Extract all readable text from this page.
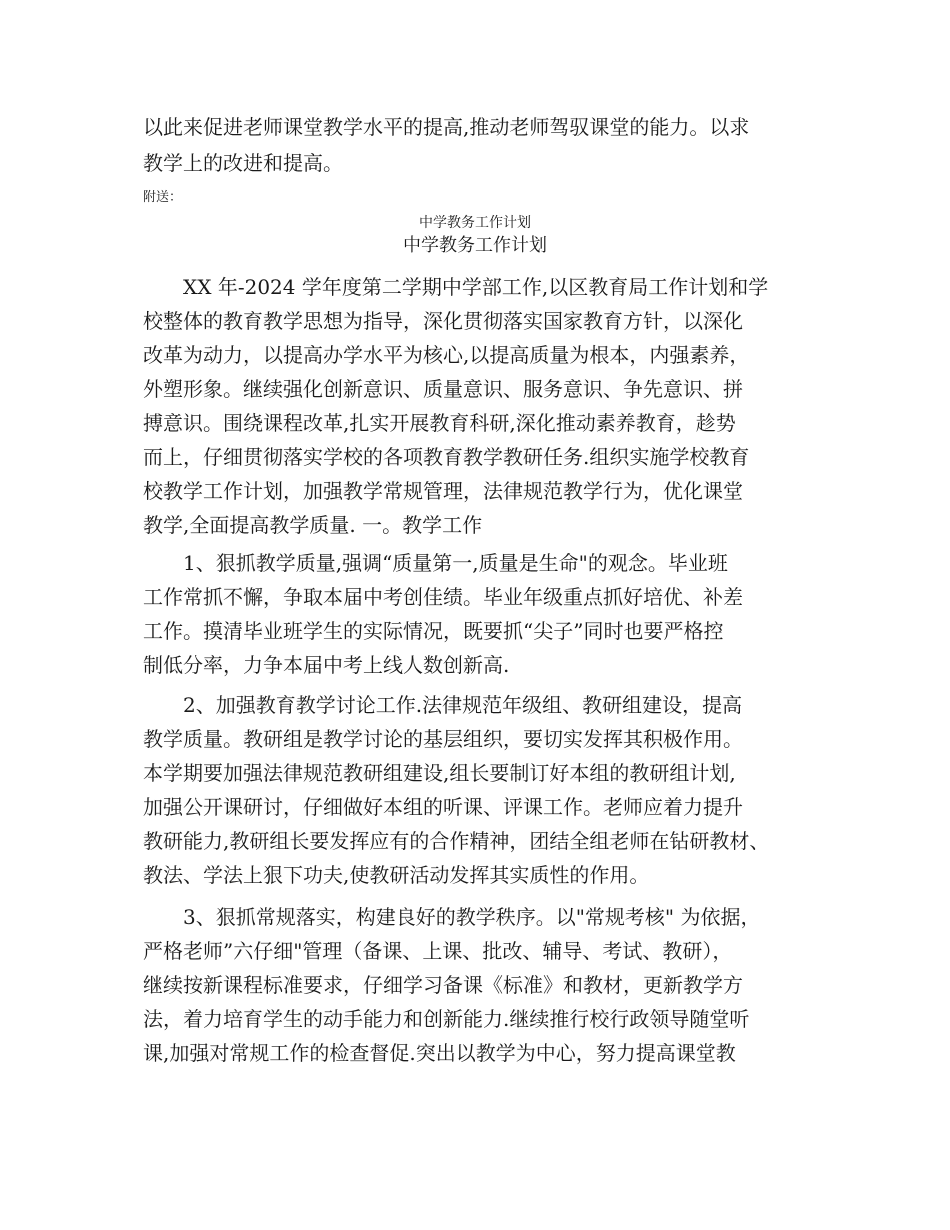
以此来促进老师课堂教学水平的提高,推动老师驾驭课堂的能力。以求
教学上的改进和提高。
附送：
中学教务工作计划
中学教务工作计划
XX 年-2024 学年度第二学期中学部工作,以区教育局工作计划和学
校整体的教育教学思想为指导，深化贯彻落实国家教育方针，以深化
改革为动力，以提高办学水平为核心,以提高质量为根本，内强素养，
外塑形象。继续强化创新意识、质量意识、服务意识、争先意识、拼
搏意识。围绕课程改革,扎实开展教育科研,深化推动素养教育，趁势
而上，仔细贯彻落实学校的各项教育教学教研任务.组织实施学校教育
校教学工作计划，加强教学常规管理，法律规范教学行为，优化课堂
教学,全面提高教学质量. 一。教学工作
1、狠抓教学质量,强调“质量第一,质量是生命"的观念。毕业班
工作常抓不懈，争取本届中考创佳绩。毕业年级重点抓好培优、补差
工作。摸清毕业班学生的实际情况，既要抓“尖子”同时也要严格控
制低分率，力争本届中考上线人数创新高.
2、加强教育教学讨论工作.法律规范年级组、教研组建设，提高
教学质量。教研组是教学讨论的基层组织，要切实发挥其积极作用。
本学期要加强法律规范教研组建设,组长要制订好本组的教研组计划,
加强公开课研讨，仔细做好本组的听课、评课工作。老师应着力提升
教研能力,教研组长要发挥应有的合作精神，团结全组老师在钻研教材、
教法、学法上狠下功夫,使教研活动发挥其实质性的作用。
3、狠抓常规落实，构建良好的教学秩序。以"常规考核" 为依据，
严格老师”六仔细"管理（备课、上课、批改、辅导、考试、教研），
继续按新课程标准要求，仔细学习备课《标准》和教材，更新教学方
法，着力培育学生的动手能力和创新能力.继续推行校行政领导随堂听
课,加强对常规工作的检查督促.突出以教学为中心，努力提高课堂教
